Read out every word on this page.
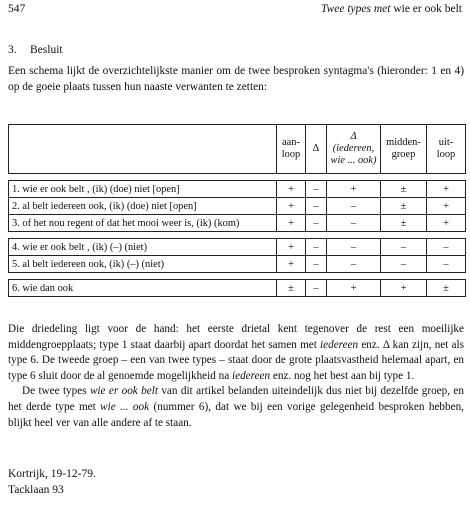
547	Twee types met wie er ook belt
3. Besluit
Een schema lijkt de overzichtelijkste manier om de twee besproken syntagma's (hieronder: 1 en 4) op de goeie plaats tussen hun naaste verwanten te zetten:
	aan-loop	Δ	Δ (iedereen, wie ... ook)	midden-groep	uit-loop

1. wie er ook belt , (ik) (doe) niet [open]	+	–	+	±	+
2. al belt iedereen ook, (ik) (doe) niet [open]	+	–	–	±	+
3. of het nou regent of dat het mooi weer is, (ik) (kom)	+	–	–	±	+

4. wie er ook belt , (ik) (–) (niet)	+	–	–	–	–
5. al belt iedereen ook, (ik) (–) (niet)	+	–	–	–	–

6. wie dan ook	±	–	+	+	±

Die driedeling ligt voor de hand: het eerste drietal kent tegenover de rest een moeilijke middengroepplaats; type 1 staat daarbij apart doordat het samen met iedereen enz. Δ kan zijn, net als type 6. De tweede groep – een van twee types – staat door de grote plaatsvastheid helemaal apart, en type 6 sluit door de al genoemde mogelijkheid na iedereen enz. nog het best aan bij type 1.

De twee types wie er ook belt van dit artikel belanden uiteindelijk dus niet bij dezelfde groep, en het derde type met wie ... ook (nummer 6), dat we bij een vorige gelegenheid besproken hebben, blijkt heel ver van alle andere af te staan.

Kortrijk, 19-12-79.
Tacklaan 93
